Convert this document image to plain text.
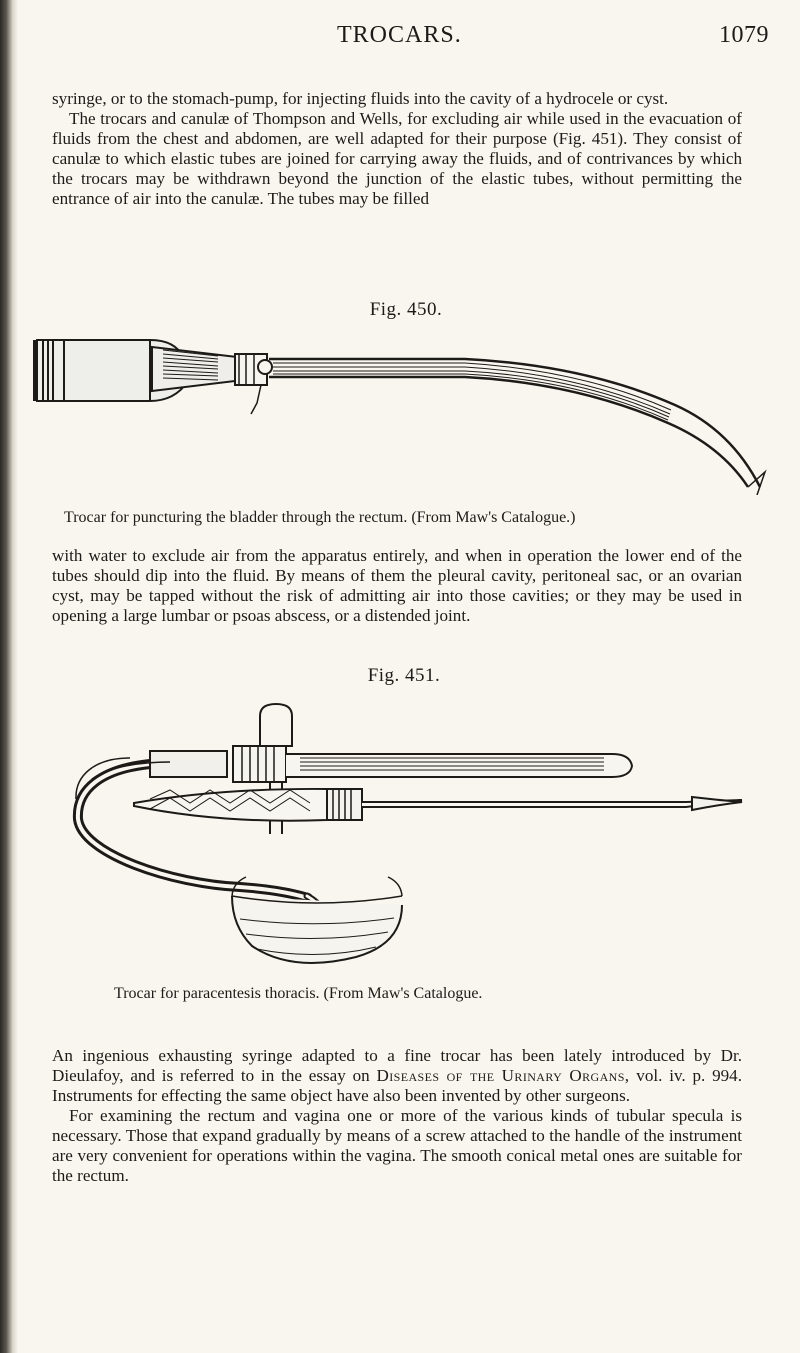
TROCARS.	1079

syringe, or to the stomach-pump, for injecting fluids into the cavity of a hydrocele or cyst.

The trocars and canulæ of Thompson and Wells, for excluding air while used in the evacuation of fluids from the chest and abdomen, are well adapted for their purpose (Fig. 451). They consist of canulæ to which elastic tubes are joined for carrying away the fluids, and of contrivances by which the trocars may be withdrawn beyond the junction of the elastic tubes, without permitting the entrance of air into the canulæ. The tubes may be filled

Fig. 450.
Trocar for puncturing the bladder through the rectum. (From Maw's Catalogue.)

with water to exclude air from the apparatus entirely, and when in operation the lower end of the tubes should dip into the fluid. By means of them the pleural cavity, peritoneal sac, or an ovarian cyst, may be tapped without the risk of admitting air into those cavities; or they may be used in opening a large lumbar or psoas abscess, or a distended joint.

Fig. 451.
Trocar for paracentesis thoracis. (From Maw's Catalogue.

An ingenious exhausting syringe adapted to a fine trocar has been lately introduced by Dr. Dieulafoy, and is referred to in the essay on Diseases of the Urinary Organs, vol. iv. p. 994. Instruments for effecting the same object have also been invented by other surgeons.

For examining the rectum and vagina one or more of the various kinds of tubular specula is necessary. Those that expand gradually by means of a screw attached to the handle of the instrument are very convenient for operations within the vagina. The smooth conical metal ones are suitable for the rectum.
